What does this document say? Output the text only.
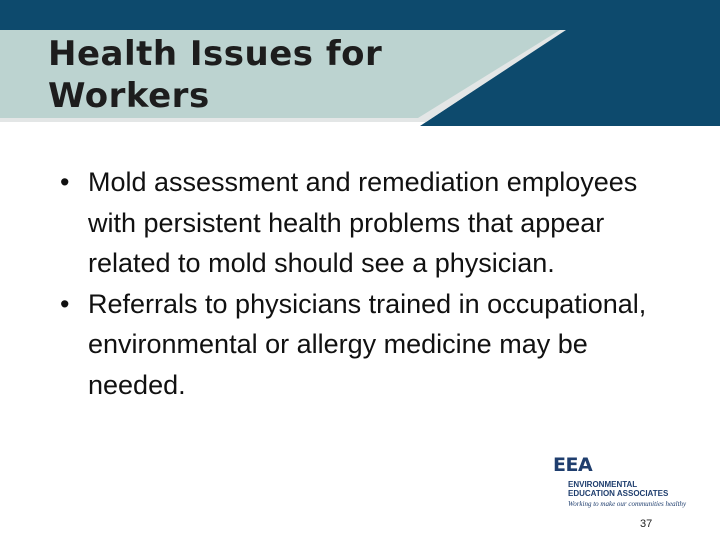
Health Issues for Workers
• Mold assessment and remediation employees with persistent health problems that appear related to mold should see a physician.
• Referrals to physicians trained in occupational, environmental or allergy medicine may be needed.
EEA
ENVIRONMENTAL
EDUCATION ASSOCIATES
Working to make our communities healthy
37
